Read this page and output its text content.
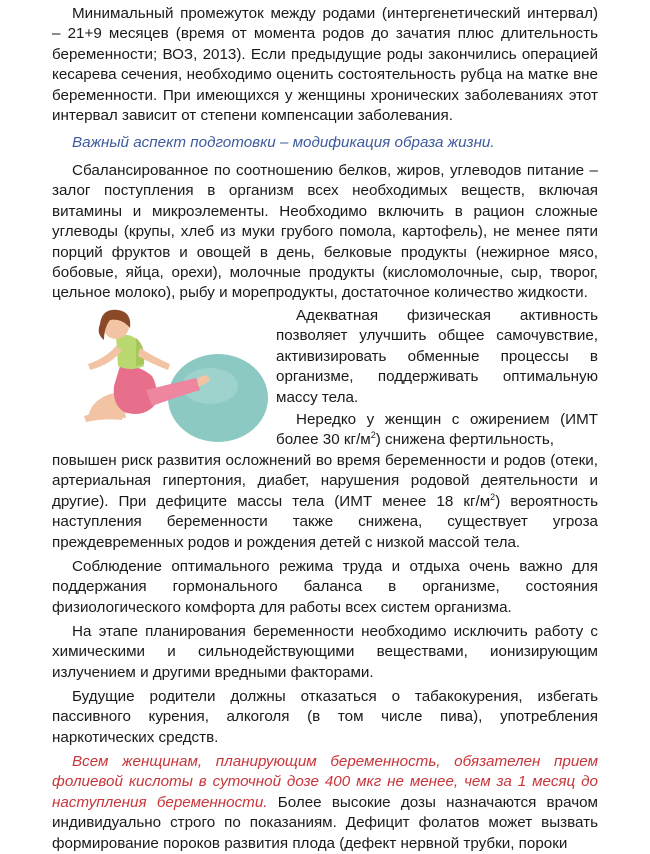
Минимальный промежуток между родами (интергенетический интервал) – 21+9 месяцев (время от момента родов до зачатия плюс длительность беременности; ВОЗ, 2013). Если предыдущие роды закончились операцией кесарева сечения, необходимо оценить состоятельность рубца на матке вне беременности. При имеющихся у женщины хронических заболеваниях этот интервал зависит от степени компенсации заболевания.

Важный аспект подготовки – модификация образа жизни.

Сбалансированное по соотношению белков, жиров, углеводов питание – залог поступления в организм всех необходимых веществ, включая витамины и микроэлементы. Необходимо включить в рацион сложные углеводы (крупы, хлеб из муки грубого помола, картофель), не менее пяти порций фруктов и овощей в день, белковые продукты (нежирное мясо, бобовые, яйца, орехи), молочные продукты (кисломолочные, сыр, творог, цельное молоко), рыбу и морепродукты, достаточное количество жидкости.

Адекватная физическая активность позволяет улучшить общее самочувствие, активизировать обменные процессы в организме, поддерживать оптимальную массу тела.

Нередко у женщин с ожирением (ИМТ более 30 $кг/м^2$) снижена фертильность,

повышен риск развития осложнений во время беременности и родов (отеки, артериальная гипертония, диабет, нарушения родовой деятельности и другие). При дефиците массы тела (ИМТ менее 18 $кг/м^2$) вероятность наступления беременности также снижена, существует угроза преждевременных родов и рождения детей с низкой массой тела.

Соблюдение оптимального режима труда и отдыха очень важно для поддержания гормонального баланса в организме, состояния физиологического комфорта для работы всех систем организма.

На этапе планирования беременности необходимо исключить работу с химическими и сильнодействующими веществами, ионизирующим излучением и другими вредными факторами.

Будущие родители должны отказаться о табакокурения, избегать пассивного курения, алкоголя (в том числе пива), употребления наркотических средств.

Всем женщинам, планирующим беременность, обязателен прием фолиевой кислоты в суточной дозе 400 мкг не менее, чем за 1 месяц до наступления беременности. Более высокие дозы назначаются врачом индивидуально строго по показаниям. Дефицит фолатов может вызвать формирование пороков развития плода (дефект нервной трубки, пороки
